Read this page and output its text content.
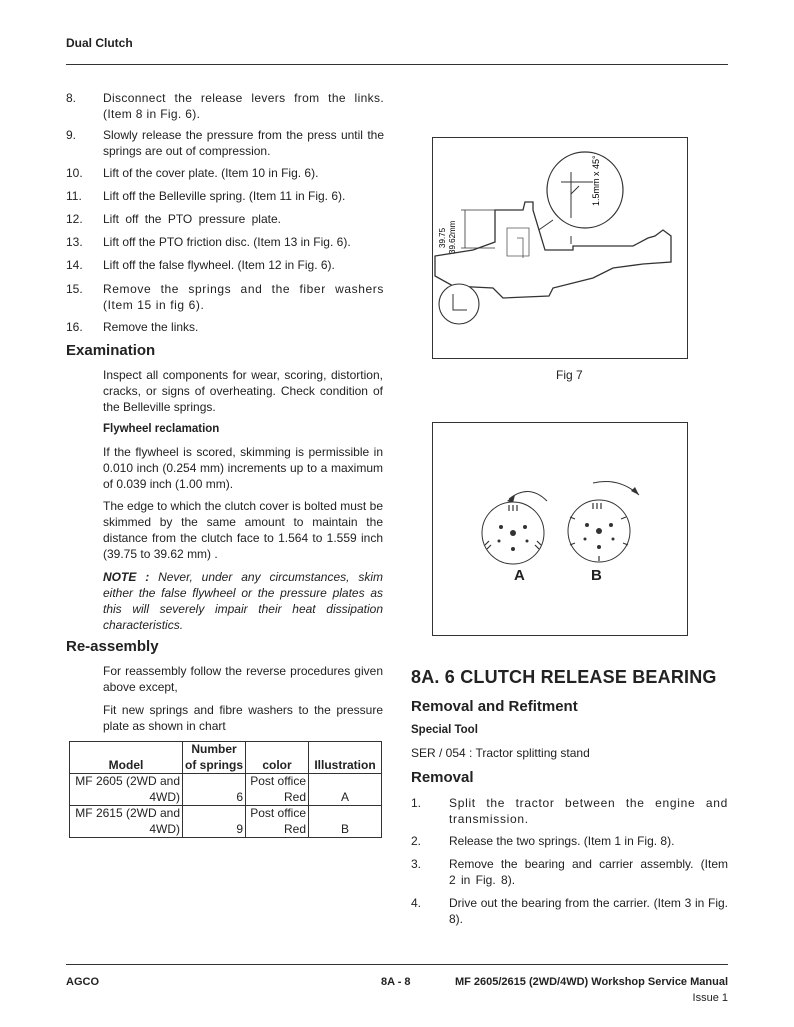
Dual Clutch
8.	Disconnect the release levers from the links. (Item 8 in Fig. 6).
9.	Slowly release the pressure from the press until the springs are out of compression.
10.	Lift of the cover plate. (Item 10 in Fig. 6).
11.	Lift off the Belleville spring. (Item 11 in Fig. 6).
12.	Lift off the PTO pressure plate.
13.	Lift off the PTO friction disc. (Item 13 in Fig. 6).
14.	Lift off the false flywheel. (Item 12 in Fig. 6).
15.	Remove the springs and the fiber washers (Item 15 in fig 6).
16.	Remove the links.
Examination
Inspect all components for wear, scoring, distortion, cracks, or signs of overheating. Check condition of the Belleville springs.
Flywheel reclamation
If the flywheel is scored, skimming is permissible in 0.010 inch (0.254 mm) increments up to a maximum of 0.039 inch (1.00 mm).
The edge to which the clutch cover is bolted must be skimmed by the same amount to maintain the distance from the clutch face to 1.564 to 1.559 inch (39.75 to 39.62 mm) .
NOTE : Never, under any circumstances, skim either the false flywheel or the pressure plates as this will severely impair their heat dissipation characteristics.
Re-assembly
For reassembly follow the reverse procedures given above except,
Fit new springs and fibre washers to the pressure plate as shown in chart
Model	Number of springs	color	Illustration
MF 2605 (2WD and 4WD)	6	Post office Red	A
MF 2615 (2WD and 4WD)	9	Post office Red	B
1.5mm x 45°
39.75 39.62mm
Fig 7
A	B
8A. 6 CLUTCH RELEASE BEARING
Removal and Refitment
Special Tool
SER / 054 : Tractor splitting stand
Removal
1.	Split the tractor between the engine and transmission.
2.	Release the two springs. (Item 1 in Fig. 8).
3.	Remove the bearing and carrier assembly. (Item 2 in Fig. 8).
4.	Drive out the bearing from the carrier. (Item 3 in Fig. 8).
AGCO	8A - 8	MF 2605/2615 (2WD/4WD) Workshop Service Manual
Issue 1
